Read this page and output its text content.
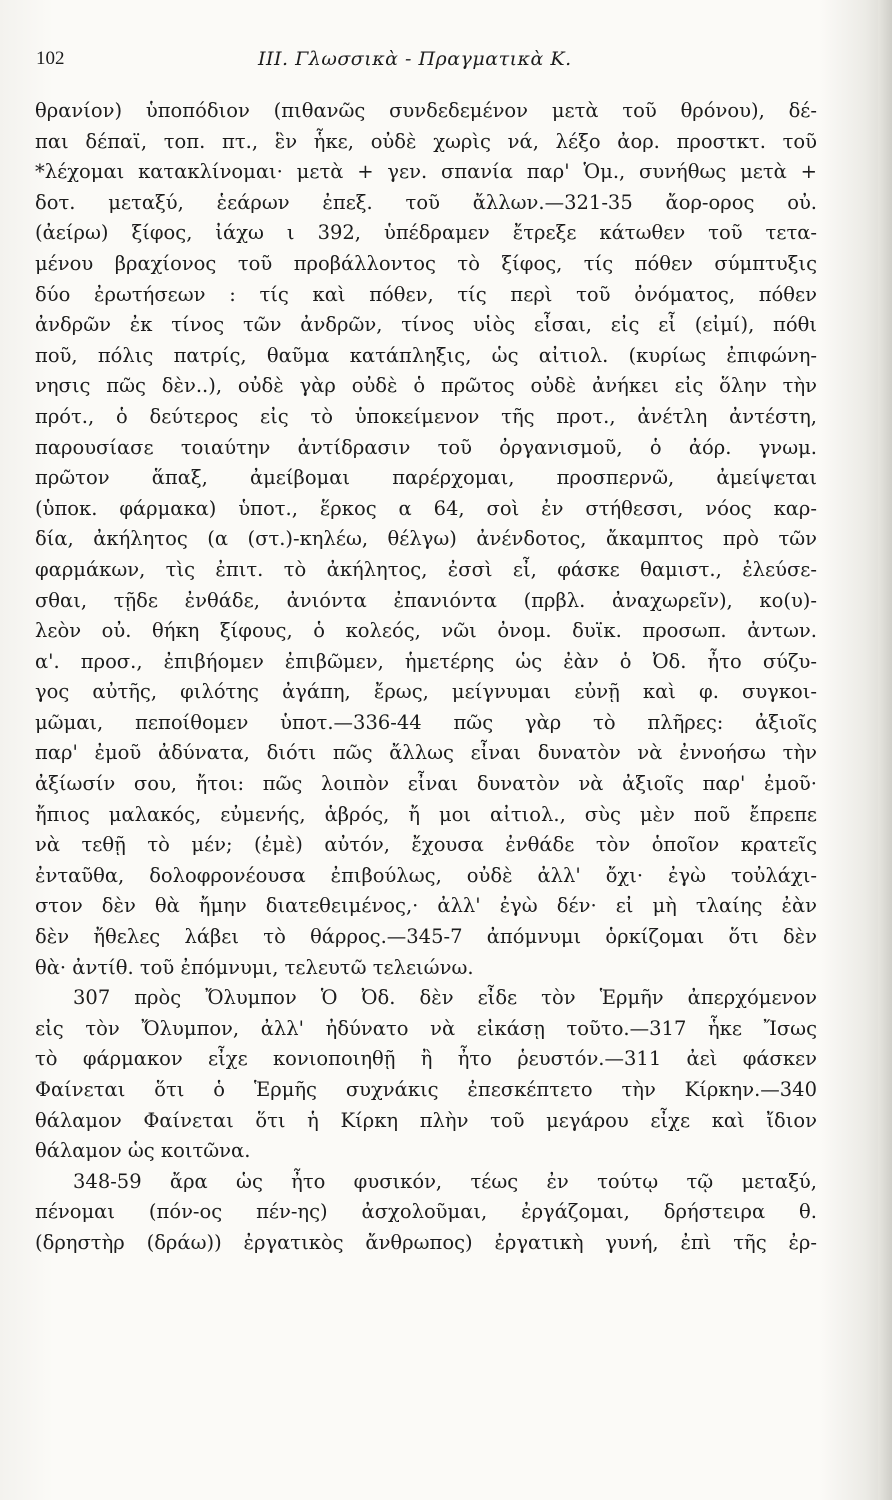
102	III. Γλωσσικὰ - Πραγματικὰ Κ.
θρανίον) ὑποπόδιον (πιθανῶς συνδεδεμένον μετὰ τοῦ θρόνου), δέ-
παι δέπαϊ, τοπ. πτ., ἓν ἧκε, οὐδὲ χωρὶς νά, λέξο ἀορ. προστκτ. τοῦ
*λέχομαι κατακλίνομαι· μετὰ + γεν. σπανία παρ' Ὁμ., συνήθως μετὰ +
δοτ. μεταξύ, ἑεάρων ἐπεξ. τοῦ ἄλλων.—321-35 ἄορ-ορος οὐ.
(ἀείρω) ξίφος, ἰάχω ι 392, ὑπέδραμεν ἔτρεξε κάτωθεν τοῦ τετα-
μένου βραχίονος τοῦ προβάλλοντος τὸ ξίφος, τίς πόθεν σύμπτυξις
δύο ἐρωτήσεων : τίς καὶ πόθεν, τίς περὶ τοῦ ὀνόματος, πόθεν
ἀνδρῶν ἐκ τίνος τῶν ἀνδρῶν, τίνος υἱὸς εἶσαι, εἰς εἶ (εἰμί), πόθι
ποῦ, πόλις πατρίς, θαῦμα κατάπληξις, ὡς αἰτιολ. (κυρίως ἐπιφώνη-
νησις πῶς δὲν..), οὐδὲ γὰρ οὐδὲ ὁ πρῶτος οὐδὲ ἀνήκει εἰς ὅλην τὴν
πρότ., ὁ δεύτερος εἰς τὸ ὑποκείμενον τῆς προτ., ἀνέτλη ἀντέστη,
παρουσίασε τοιαύτην ἀντίδρασιν τοῦ ὀργανισμοῦ, ὁ ἀόρ. γνωμ.
πρῶτον ἅπαξ, ἀμείβομαι παρέρχομαι, προσπερνῶ, ἀμείψεται
(ὑποκ. φάρμακα) ὑποτ., ἕρκος α 64, σοὶ ἐν στήθεσσι, νόος καρ-
δία, ἀκήλητος (α (στ.)-κηλέω, θέλγω) ἀνένδοτος, ἄκαμπτος πρὸ τῶν
φαρμάκων, τὶς ἐπιτ. τὸ ἀκήλητος, ἐσσὶ εἶ, φάσκε θαμιστ., ἐλεύσε-
σθαι, τῇδε ἐνθάδε, ἀνιόντα ἐπανιόντα (πρβλ. ἀναχωρεῖν), κο(υ)-
λεὸν οὐ. θήκη ξίφους, ὁ κολεός, νῶι ὀνομ. δυϊκ. προσωπ. ἀντων.
α'. προσ., ἐπιβήομεν ἐπιβῶμεν, ἡμετέρης ὡς ἐὰν ὁ Ὀδ. ἦτο σύζυ-
γος αὐτῆς, φιλότης ἀγάπη, ἔρως, μείγνυμαι εὐνῇ καὶ φ. συγκοι-
μῶμαι, πεποίθομεν ὑποτ.—336-44 πῶς γὰρ τὸ πλῆρες: ἀξιοῖς
παρ' ἐμοῦ ἀδύνατα, διότι πῶς ἄλλως εἶναι δυνατὸν νὰ ἐννοήσω τὴν
ἀξίωσίν σου, ἤτοι: πῶς λοιπὸν εἶναι δυνατὸν νὰ ἀξιοῖς παρ' ἐμοῦ·
ἤπιος μαλακός, εὐμενής, ἁβρός, ἤ μοι αἰτιολ., σὺς μὲν ποῦ ἔπρεπε
νὰ τεθῇ τὸ μέν; (ἐμὲ) αὐτόν, ἔχουσα ἐνθάδε τὸν ὁποῖον κρατεῖς
ἐνταῦθα, δολοφρονέουσα ἐπιβούλως, οὐδὲ ἀλλ' ὄχι· ἐγὼ τοὐλάχι-
στον δὲν θὰ ἤμην διατεθειμένος,· ἀλλ' ἐγὼ δέν· εἰ μὴ τλαίης ἐὰν
δὲν ἤθελες λάβει τὸ θάρρος.—345-7 ἀπόμνυμι ὁρκίζομαι ὅτι δὲν
θὰ· ἀντίθ. τοῦ ἐπόμνυμι, τελευτῶ τελειώνω.
307 πρὸς Ὄλυμπον Ὁ Ὀδ. δὲν εἶδε τὸν Ἑρμῆν ἀπερχόμενον
εἰς τὸν Ὄλυμπον, ἀλλ' ἠδύνατο νὰ εἰκάσῃ τοῦτο.—317 ἧκε Ἴσως
τὸ φάρμακον εἶχε κονιοποιηθῇ ἢ ἦτο ῥευστόν.—311 ἀεὶ φάσκεν
Φαίνεται ὅτι ὁ Ἑρμῆς συχνάκις ἐπεσκέπτετο τὴν Κίρκην.—340
θάλαμον Φαίνεται ὅτι ἡ Κίρκη πλὴν τοῦ μεγάρου εἶχε καὶ ἴδιον
θάλαμον ὡς κοιτῶνα.
348-59 ἄρα ὡς ἦτο φυσικόν, τέως ἐν τούτῳ τῷ μεταξύ,
πένομαι (πόν-ος πέν-ης) ἀσχολοῦμαι, ἐργάζομαι, δρήστειρα θ.
(δρηστὴρ (δράω)) ἐργατικὸς ἄνθρωπος) ἐργατικὴ γυνή, ἐπὶ τῆς ἐρ-
